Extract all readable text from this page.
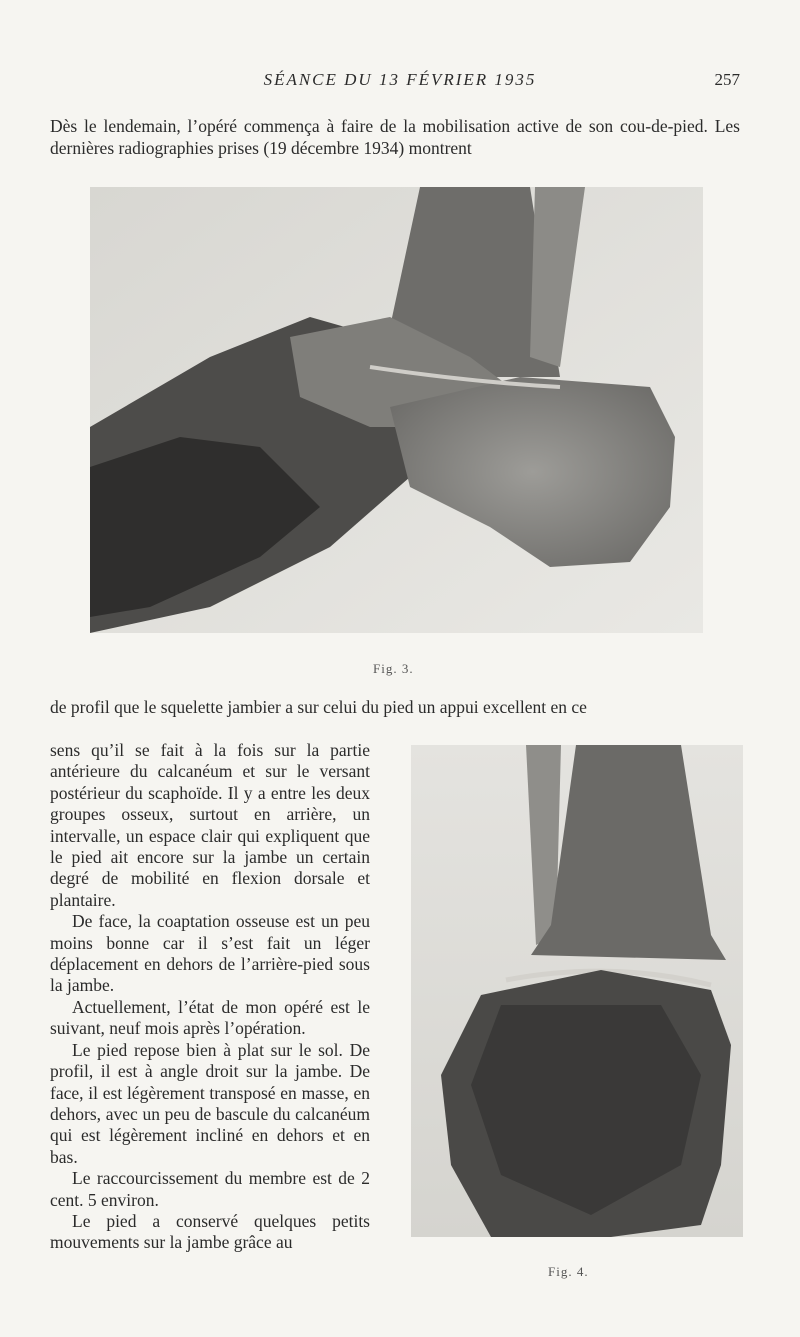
SÉANCE DU 13 FÉVRIER 1935	257

Dès le lendemain, l’opéré commença à faire de la mobilisation active de son cou-de-pied. Les dernières radiographies prises (19 décembre 1934) montrent

Fig. 3.

de profil que le squelette jambier a sur celui du pied un appui excellent en ce

sens qu’il se fait à la fois sur la partie antérieure du calcanéum et sur le versant postérieur du scaphoïde. Il y a entre les deux groupes osseux, surtout en arrière, un intervalle, un espace clair qui expliquent que le pied ait encore sur la jambe un certain degré de mobilité en flexion dorsale et plantaire.

De face, la coaptation osseuse est un peu moins bonne car il s’est fait un léger déplacement en dehors de l’arrière-pied sous la jambe.

Actuellement, l’état de mon opéré est le suivant, neuf mois après l’opération.

Le pied repose bien à plat sur le sol. De profil, il est à angle droit sur la jambe. De face, il est légèrement transposé en masse, en dehors, avec un peu de bascule du calcanéum qui est légèrement incliné en dehors et en bas.

Le raccourcissement du membre est de 2 cent. 5 environ.

Le pied a conservé quelques petits mouvements sur la jambe grâce au

Fig. 4.
